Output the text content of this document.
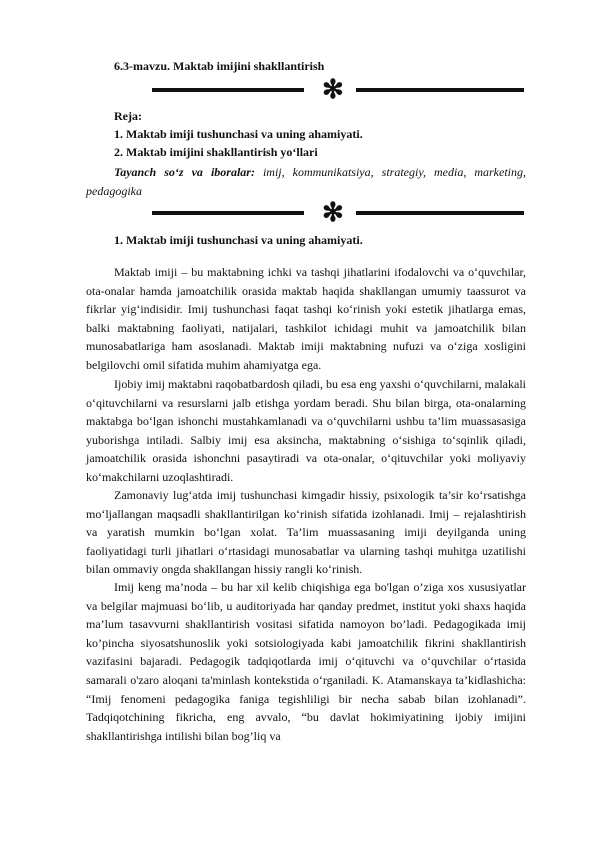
6.3-mavzu. Maktab imijini shakllantirish
✻
Reja:
1. Maktab imiji tushunchasi va uning ahamiyati.
2. Maktab imijini shakllantirish yo‘llari
Tayanch so‘z va iboralar: imij, kommunikatsiya, strategiy, media, marketing, pedagogika
✻
1. Maktab imiji tushunchasi va uning ahamiyati.
Maktab imiji – bu maktabning ichki va tashqi jihatlarini ifodalovchi va o‘quvchilar, ota-onalar hamda jamoatchilik orasida maktab haqida shakllangan umumiy taassurot va fikrlar yig‘indisidir. Imij tushunchasi faqat tashqi ko‘rinish yoki estetik jihatlarga emas, balki maktabning faoliyati, natijalari, tashkilot ichidagi muhit va jamoatchilik bilan munosabatlariga ham asoslanadi. Maktab imiji maktabning nufuzi va o‘ziga xosligini belgilovchi omil sifatida muhim ahamiyatga ega.
Ijobiy imij maktabni raqobatbardosh qiladi, bu esa eng yaxshi o‘quvchilarni, malakali o‘qituvchilarni va resurslarni jalb etishga yordam beradi. Shu bilan birga, ota-onalarning maktabga bo‘lgan ishonchi mustahkamlanadi va o‘quvchilarni ushbu ta’lim muassasasiga yuborishga intiladi. Salbiy imij esa aksincha, maktabning o‘sishiga to‘sqinlik qiladi, jamoatchilik orasida ishonchni pasaytiradi va ota-onalar, o‘qituvchilar yoki moliyaviy ko‘makchilarni uzoqlashtiradi.
Zamonaviy lug‘atda imij tushunchasi kimgadir hissiy, psixologik ta’sir ko‘rsatishga mo‘ljallangan maqsadli shakllantirilgan ko‘rinish sifatida izohlanadi. Imij – rejalashtirish va yaratish mumkin bo‘lgan xolat. Ta’lim muassasaning imiji deyilganda uning faoliyatidagi turli jihatlari o‘rtasidagi munosabatlar va ularning tashqi muhitga uzatilishi bilan ommaviy ongda shakllangan hissiy rangli ko‘rinish.
Imij keng ma’noda – bu har xil kelib chiqishiga ega bo'lgan o’ziga xos xususiyatlar va belgilar majmuasi bo‘lib, u auditoriyada har qanday predmet, institut yoki shaxs haqida ma’lum tasavvurni shakllantirish vositasi sifatida namoyon bo’ladi. Pedagogikada imij ko’pincha siyosatshunoslik yoki sotsiologiyada kabi jamoatchilik fikrini shakllantirish vazifasini bajaradi. Pedagogik tadqiqotlarda imij o‘qituvchi va o‘quvchilar o‘rtasida samarali o'zaro aloqani ta'minlash kontekstida o‘rganiladi. K. Atamanskaya ta’kidlashicha: “Imij fenomeni pedagogika faniga tegishliligi bir necha sabab bilan izohlanadi”. Tadqiqotchining fikricha, eng avvalo, “bu davlat hokimiyatining ijobiy imijini shakllantirishga intilishi bilan bog’liq va
